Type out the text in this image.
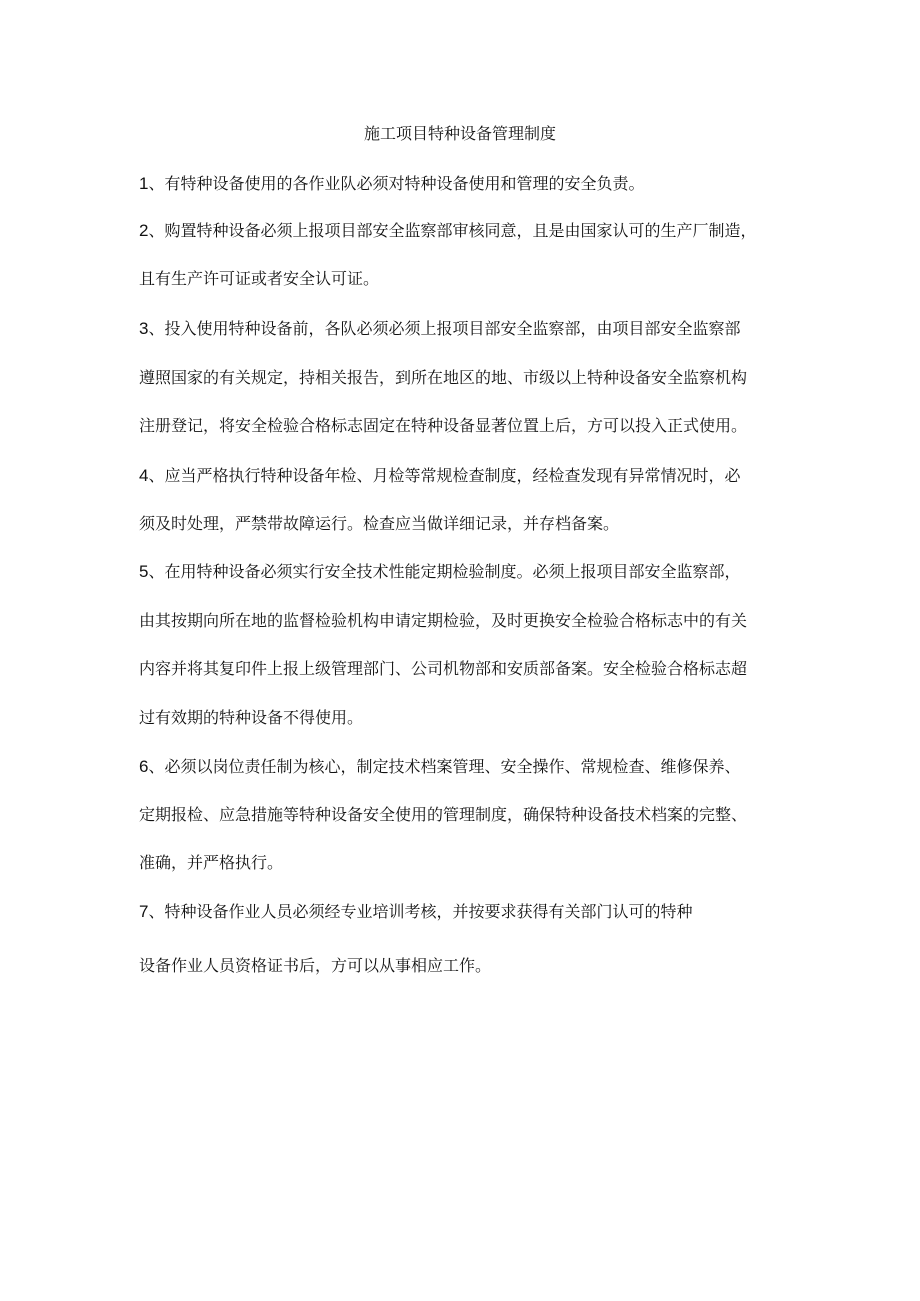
施工项目特种设备管理制度
1、有特种设备使用的各作业队必须对特种设备使用和管理的安全负责。
2、购置特种设备必须上报项目部安全监察部审核同意，且是由国家认可的生产厂制造，
且有生产许可证或者安全认可证。
3、投入使用特种设备前，各队必须必须上报项目部安全监察部，由项目部安全监察部
遵照国家的有关规定，持相关报告，到所在地区的地、市级以上特种设备安全监察机构
注册登记，将安全检验合格标志固定在特种设备显著位置上后，方可以投入正式使用。
4、应当严格执行特种设备年检、月检等常规检查制度，经检查发现有异常情况时，必
须及时处理，严禁带故障运行。检查应当做详细记录，并存档备案。
5、在用特种设备必须实行安全技术性能定期检验制度。必须上报项目部安全监察部，
由其按期向所在地的监督检验机构申请定期检验，及时更换安全检验合格标志中的有关
内容并将其复印件上报上级管理部门、公司机物部和安质部备案。安全检验合格标志超
过有效期的特种设备不得使用。
6、必须以岗位责任制为核心，制定技术档案管理、安全操作、常规检查、维修保养、
定期报检、应急措施等特种设备安全使用的管理制度，确保特种设备技术档案的完整、
准确，并严格执行。
7、特种设备作业人员必须经专业培训考核，并按要求获得有关部门认可的特种
设备作业人员资格证书后，方可以从事相应工作。
